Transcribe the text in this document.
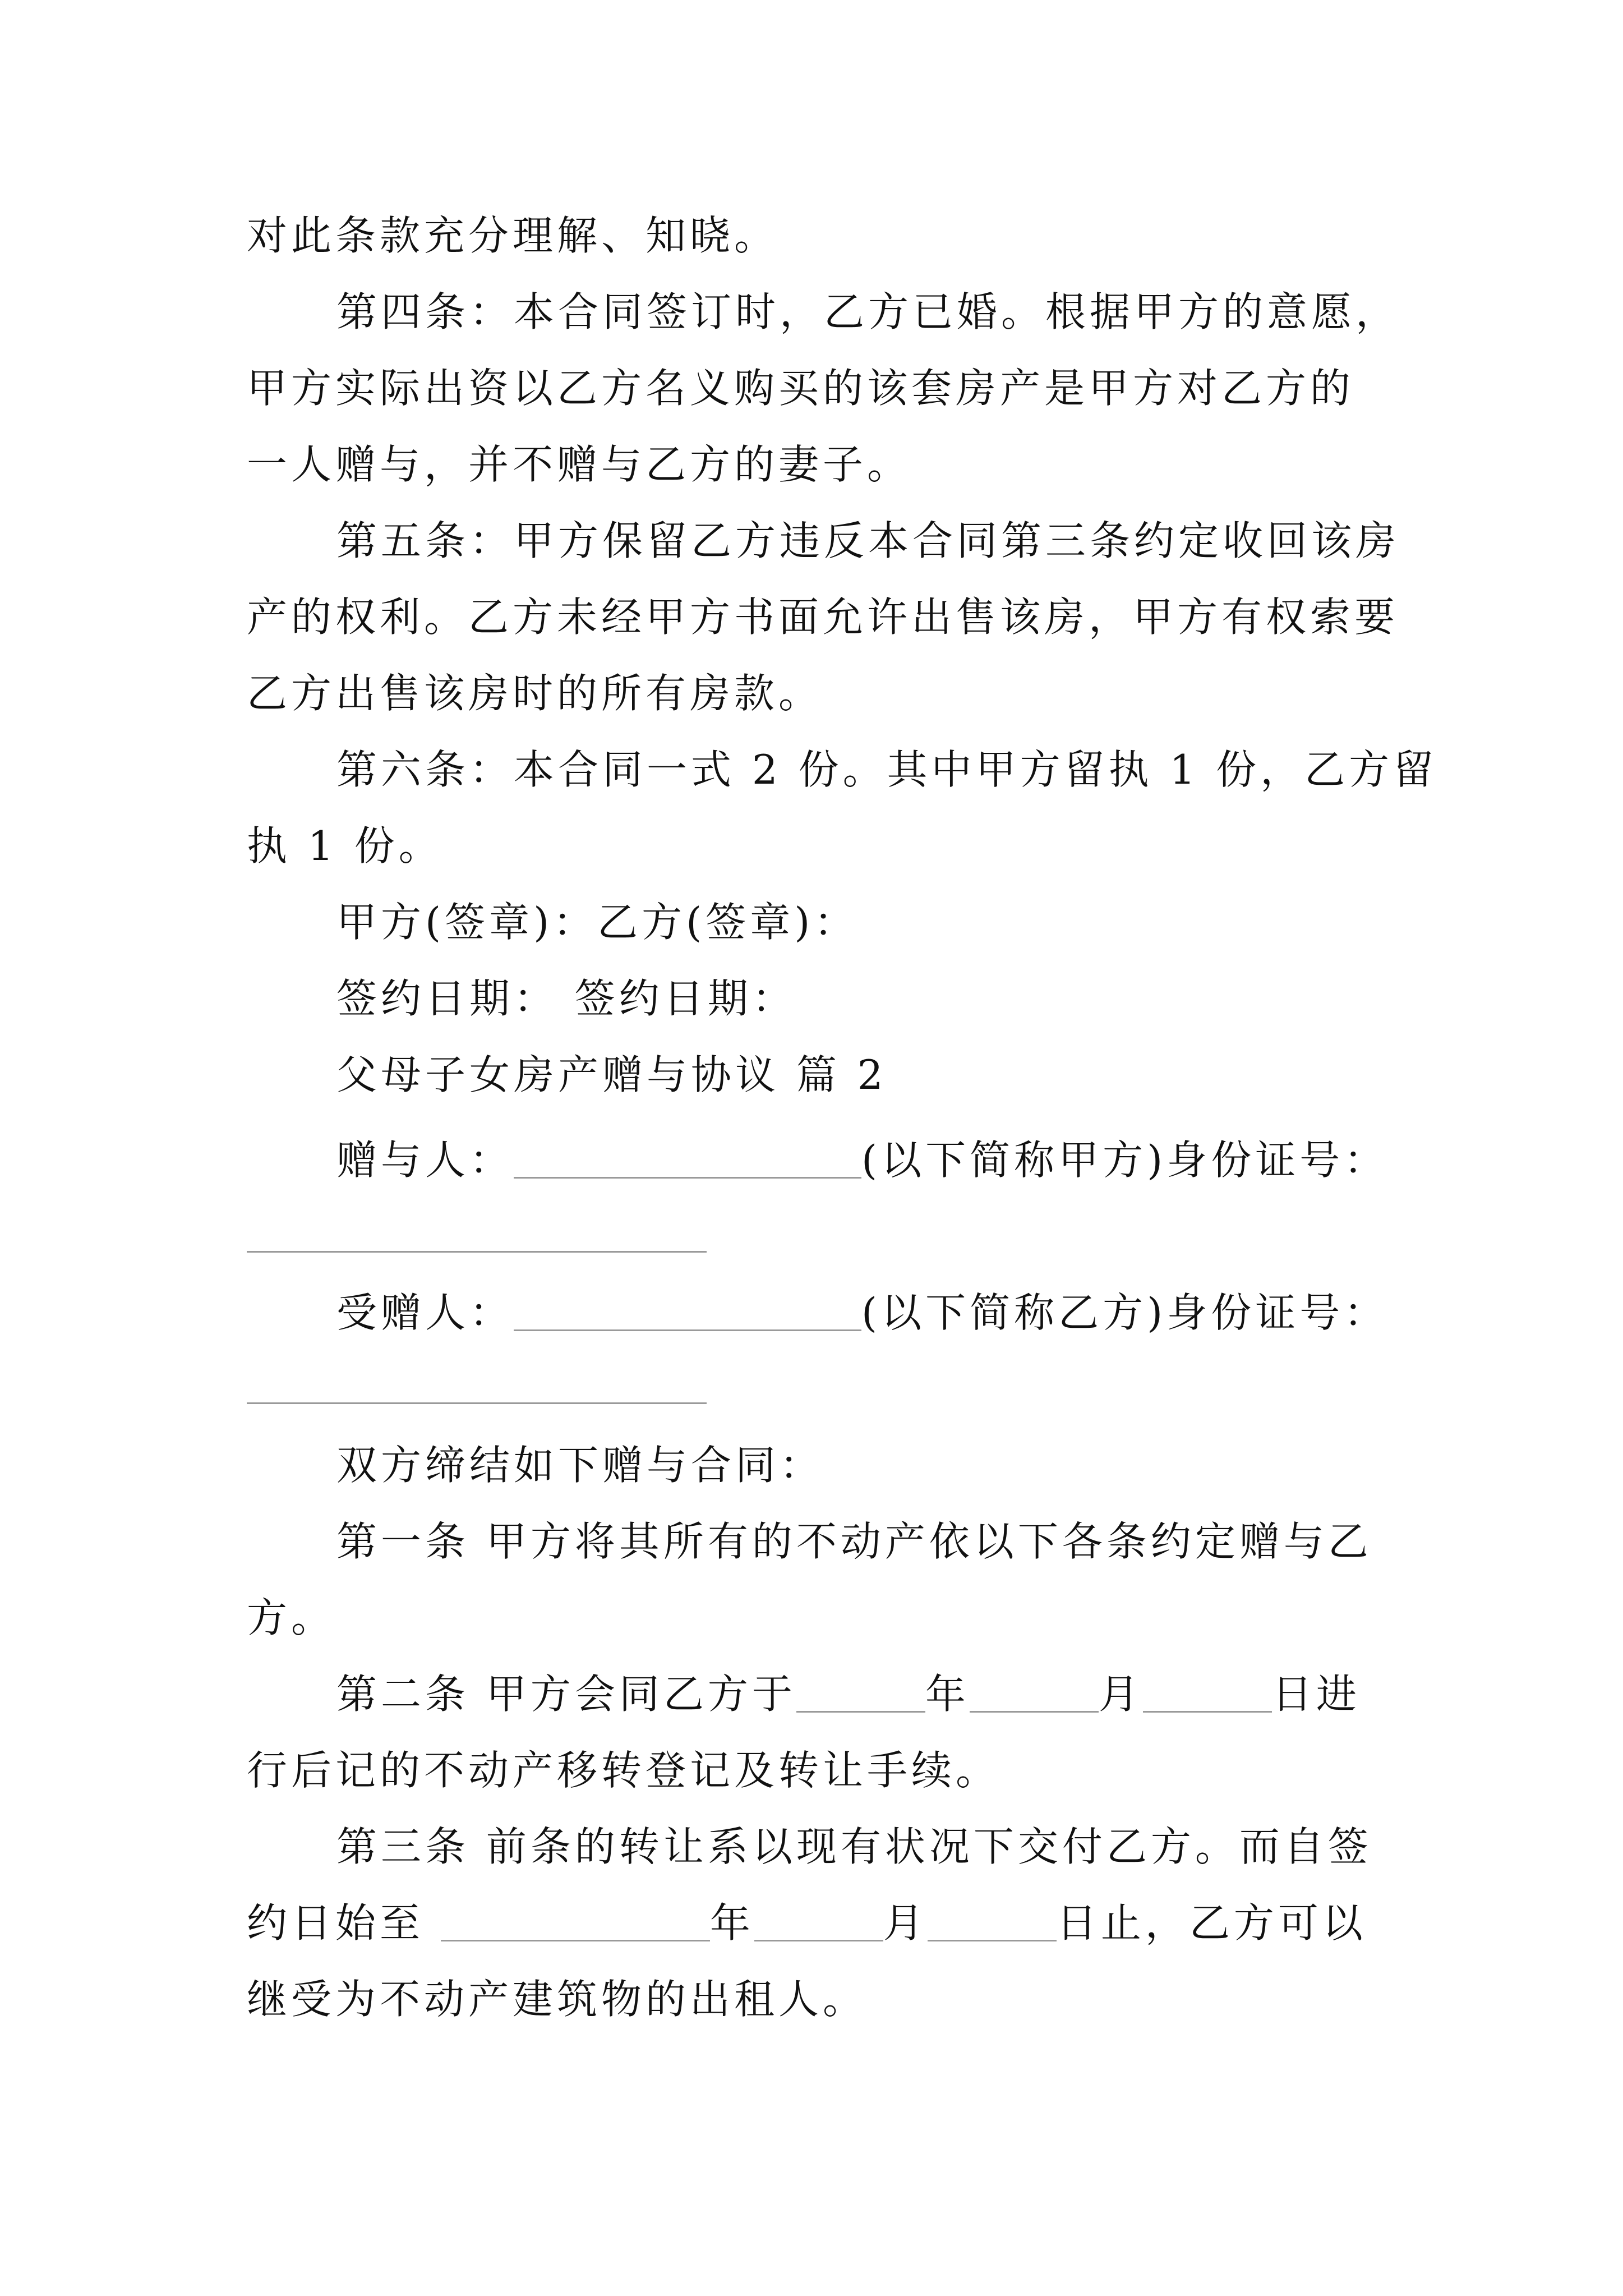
对此条款充分理解、知晓。
第四条：本合同签订时，乙方已婚。根据甲方的意愿，
甲方实际出资以乙方名义购买的该套房产是甲方对乙方的
一人赠与，并不赠与乙方的妻子。
第五条：甲方保留乙方违反本合同第三条约定收回该房
产的权利。乙方未经甲方书面允许出售该房，甲方有权索要
乙方出售该房时的所有房款。
第六条：本合同一式 2 份。其中甲方留执 1 份，乙方留
执 1 份。
甲方(签章)：乙方(签章)：
签约日期： 签约日期：
父母子女房产赠与协议 篇 2
赠与人：	(以下简称甲方)身份证号：
受赠人：	(以下简称乙方)身份证号：
双方缔结如下赠与合同：
第一条 甲方将其所有的不动产依以下各条约定赠与乙
方。
第二条 甲方会同乙方于	年	月	日进
行后记的不动产移转登记及转让手续。
第三条 前条的转让系以现有状况下交付乙方。而自签
约日始至	年	月	日止，乙方可以
继受为不动产建筑物的出租人。
